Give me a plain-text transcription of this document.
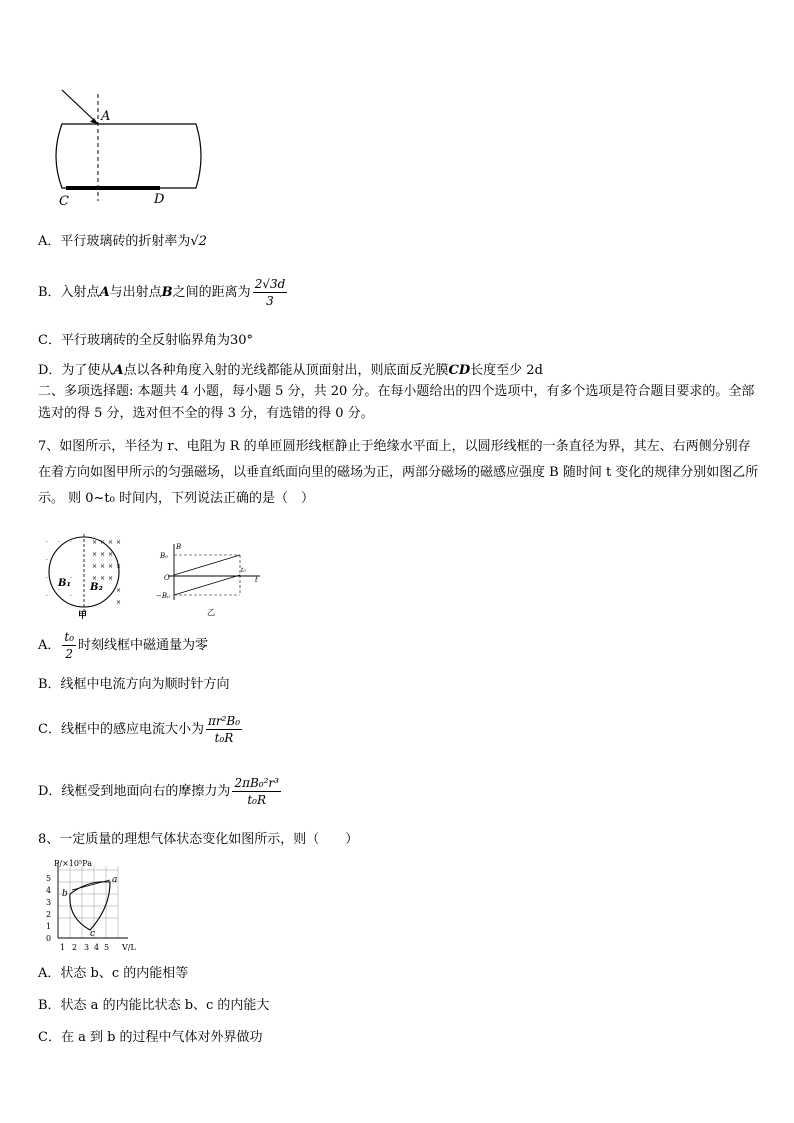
A
C	D
A．平行玻璃砖的折射率为√2
B．入射点A与出射点B之间的距离为 $\frac{2√3d}{3}$
C．平行玻璃砖的全反射临界角为30°
D．为了使从A点以各种角度入射的光线都能从顶面射出，则底面反光膜CD长度至少 2d
二、多项选择题: 本题共 4 小题，每小题 5 分，共 20 分。在每小题给出的四个选项中，有多个选项是符合题目要求的。全部选对的得 5 分，选对但不全的得 3 分，有选错的得 0 分。
7、如图所示，半径为 r、电阻为 R 的单匝圆形线框静止于绝缘水平面上，以圆形线框的一条直径为界，其左、右两侧分别存在着方向如图甲所示的匀强磁场，以垂直纸面向里的磁场为正，两部分磁场的磁感应强度 B 随时间 t 变化的规律分别如图乙所示。 则 0~t₀ 时间内，下列说法正确的是（　）
· · ·
·
·
·
·
·
·
× × × ×
× × ×
× × × ×
× × ×
×
×
B₁ B₂
甲
B
B₀
O
−B₀
t₀
t
乙
A． $\frac{\text{t₀}}{2}$ 时刻线框中磁通量为零
B．线框中电流方向为顺时针方向
C．线框中的感应电流大小为 $\frac{\text{πr²B₀}}{\text{t₀R}}$
D．线框受到地面向右的摩擦力为 $\frac{\text{2πB₀²r³}}{\text{t₀R}}$
8、一定质量的理想气体状态变化如图所示，则（　　）
P/×10⁵Pa
V/L
0
1
2
3
4
5
1 2 3 4 5
a
b
c
A．状态 b、c 的内能相等
B．状态 a 的内能比状态 b、c 的内能大
C．在 a 到 b 的过程中气体对外界做功
